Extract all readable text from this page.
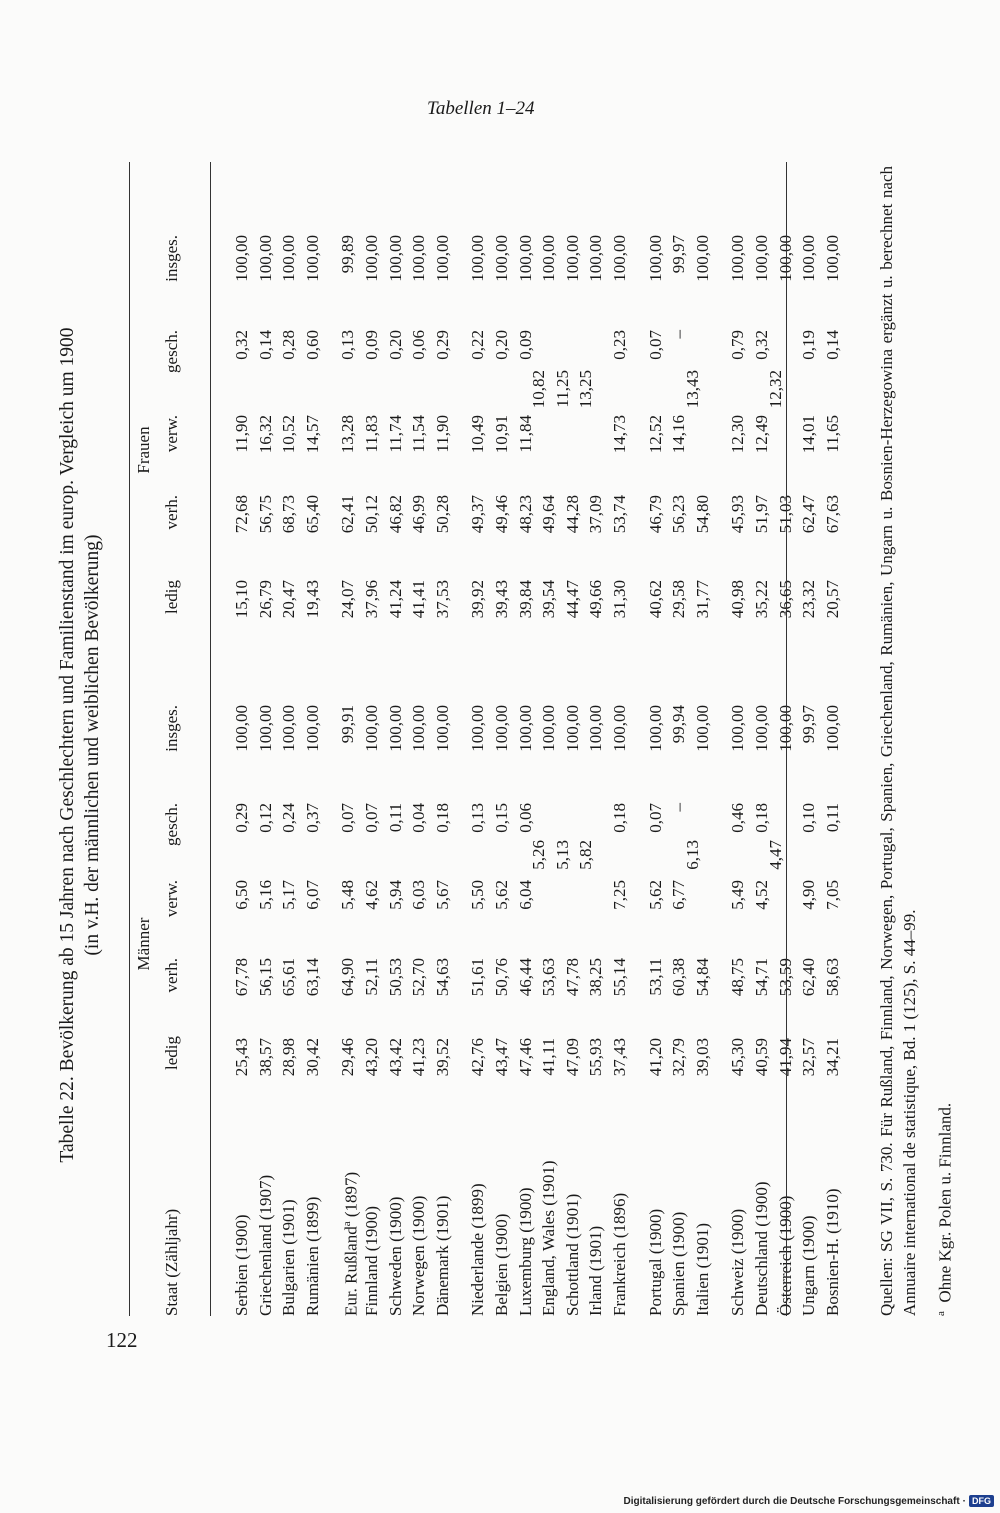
122
Tabellen 1–24
Tabelle 22. Bevölkerung ab 15 Jahren nach Geschlechtern und Familienstand im europ. Vergleich um 1900 (in v.H. der männlichen und weiblichen Bevölkerung) Männer
Frauen
Staat (Zähljahr)
ledig
verh.
verw.
gesch.
insges.
ledig
verh.
verw.
gesch.
insges.
Serbien (1900)
25,43
67,78
6,50
0,29
100,00
15,10
72,68
11,90
0,32
100,00
Griechenland (1907)
38,57
56,15
5,16
0,12
100,00
26,79
56,75
16,32
0,14
100,00
Bulgarien (1901)
28,98
65,61
5,17
0,24
100,00
20,47
68,73
10,52
0,28
100,00
Rumänien (1899)
30,42
63,14
6,07
0,37
100,00
19,43
65,40
14,57
0,60
100,00
Eur. Rußland$^a$ (1897)
29,46
64,90
5,48
0,07
99,91
24,07
62,41
13,28
0,13
99,89
Finnland (1900)
43,20
52,11
4,62
0,07
100,00
37,96
50,12
11,83
0,09
100,00
Schweden (1900)
43,42
50,53
5,94
0,11
100,00
41,24
46,82
11,74
0,20
100,00
Norwegen (1900)
41,23
52,70
6,03
0,04
100,00
41,41
46,99
11,54
0,06
100,00
Dänemark (1901)
39,52
54,63
5,67
0,18
100,00
37,53
50,28
11,90
0,29
100,00
Niederlande (1899)
42,76
51,61
5,50
0,13
100,00
39,92
49,37
10,49
0,22
100,00
Belgien (1900)
43,47
50,76
5,62
0,15
100,00
39,43
49,46
10,91
0,20
100,00
Luxemburg (1900)
47,46
46,44
6,04
0,06
100,00
39,84
48,23
11,84
0,09
100,00
England, Wales (1901)
41,11
53,63
100,00
39,54
49,64
100,00
5,26
10,82
Schottland (1901)
47,09
47,78
100,00
44,47
44,28
100,00
5,13
11,25
Irland (1901)
55,93
38,25
100,00
49,66
37,09
100,00
5,82
13,25
Frankreich (1896)
37,43
55,14
7,25
0,18
100,00
31,30
53,74
14,73
0,23
100,00
Portugal (1900)
41,20
53,11
5,62
0,07
100,00
40,62
46,79
12,52
0,07
100,00
Spanien (1900)
32,79
60,38
6,77
–
99,94
29,58
56,23
14,16
–
99,97
Italien (1901)
39,03
54,84
100,00
31,77
54,80
100,00
6,13
13,43
Schweiz (1900)
45,30
48,75
5,49
0,46
100,00
40,98
45,93
12,30
0,79
100,00
Deutschland (1900)
40,59
54,71
4,52
0,18
100,00
35,22
51,97
12,49
0,32
100,00
Österreich (1900)
41,94
53,59
100,00
36,65
51,03
100,00
4,47
12,32
Ungarn (1900)
32,57
62,40
4,90
0,10
99,97
23,32
62,47
14,01
0,19
100,00
Bosnien-H. (1910)
34,21
58,63
7,05
0,11
100,00
20,57
67,63
11,65
0,14
100,00 Quellen: SG VII, S. 730. Für Rußland, Finnland, Norwegen, Portugal, Spanien, Griechenland, Rumänien, Ungarn u. Bosnien-Herzegowina ergänzt u. berechnet nach Annuaire international de statistique, Bd. 1 (125), S. 44–99. $^a$  Ohne Kgr. Polen u. Finnland.
Digitalisierung gefördert durch die Deutsche Forschungsgemeinschaft · DFG
